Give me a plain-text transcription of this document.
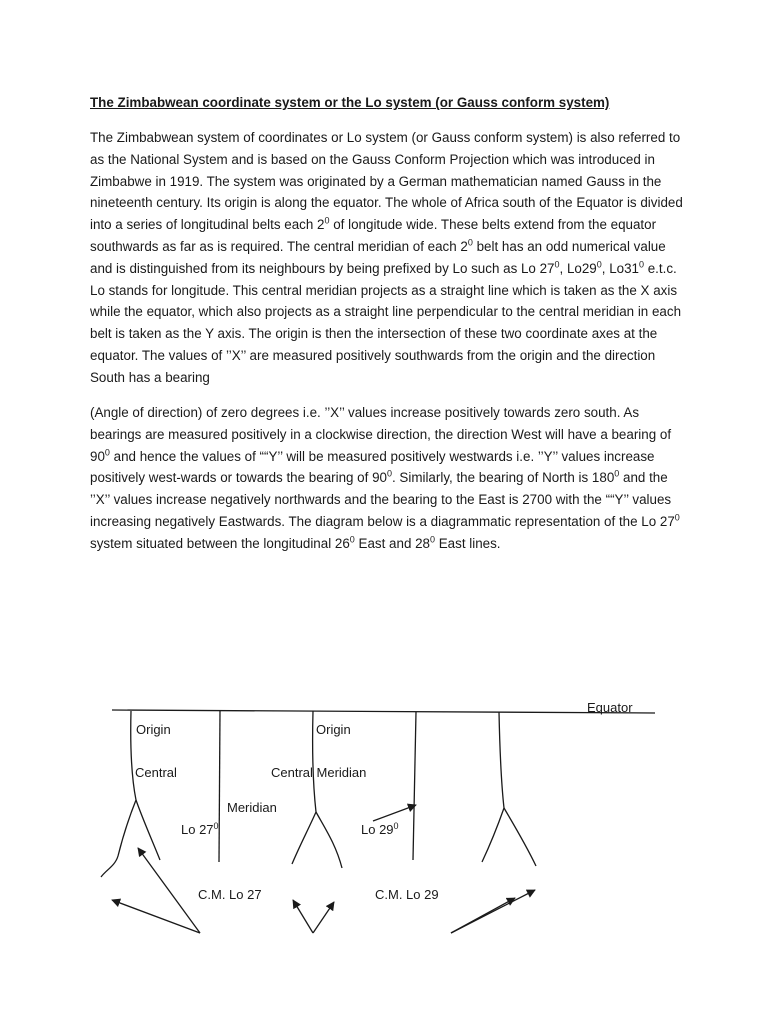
The Zimbabwean coordinate system or the Lo system (or Gauss conform system)

The Zimbabwean system of coordinates or Lo system (or Gauss conform system) is also referred to as the National System and is based on the Gauss Conform Projection which was introduced in Zimbabwe in 1919. The system was originated by a German mathematician named Gauss in the nineteenth century. Its origin is along the equator. The whole of Africa south of the Equator is divided into a series of longitudinal belts each $2^0$ of longitude wide. These belts extend from the equator southwards as far as is required. The central meridian of each $2^0$ belt has an odd numerical value and is distinguished from its neighbours by being prefixed by Lo such as Lo $27^0$, $Lo29^0$, $Lo31^0$ e.t.c. Lo stands for longitude. This central meridian projects as a straight line which is taken as the X axis while the equator, which also projects as a straight line perpendicular to the central meridian in each belt is taken as the Y axis. The origin is then the intersection of these two coordinate axes at the equator. The values of ’’X’’ are measured positively southwards from the origin and the direction South has a bearing

(Angle of direction) of zero degrees i.e. ’’X’’ values increase positively towards zero south. As bearings are measured positively in a clockwise direction, the direction West will have a bearing of $90^0$ and hence the values of ““Y’’ will be measured positively westwards i.e. ’’Y’’ values increase positively west-wards or towards the bearing of $90^0$. Similarly, the bearing of North is $180^0$ and the ’’X’’ values increase negatively northwards and the bearing to the East is 2700 with the ““Y’’ values increasing negatively Eastwards. The diagram below is a diagrammatic representation of the Lo $27^0$ system situated between the longitudinal $26^0$ East and $28^0$ East lines.

Equator
Origin	Origin
Central	Central Meridian
Meridian
Lo $27^0$	Lo $29^0$
C.M. Lo 27	C.M. Lo 29
